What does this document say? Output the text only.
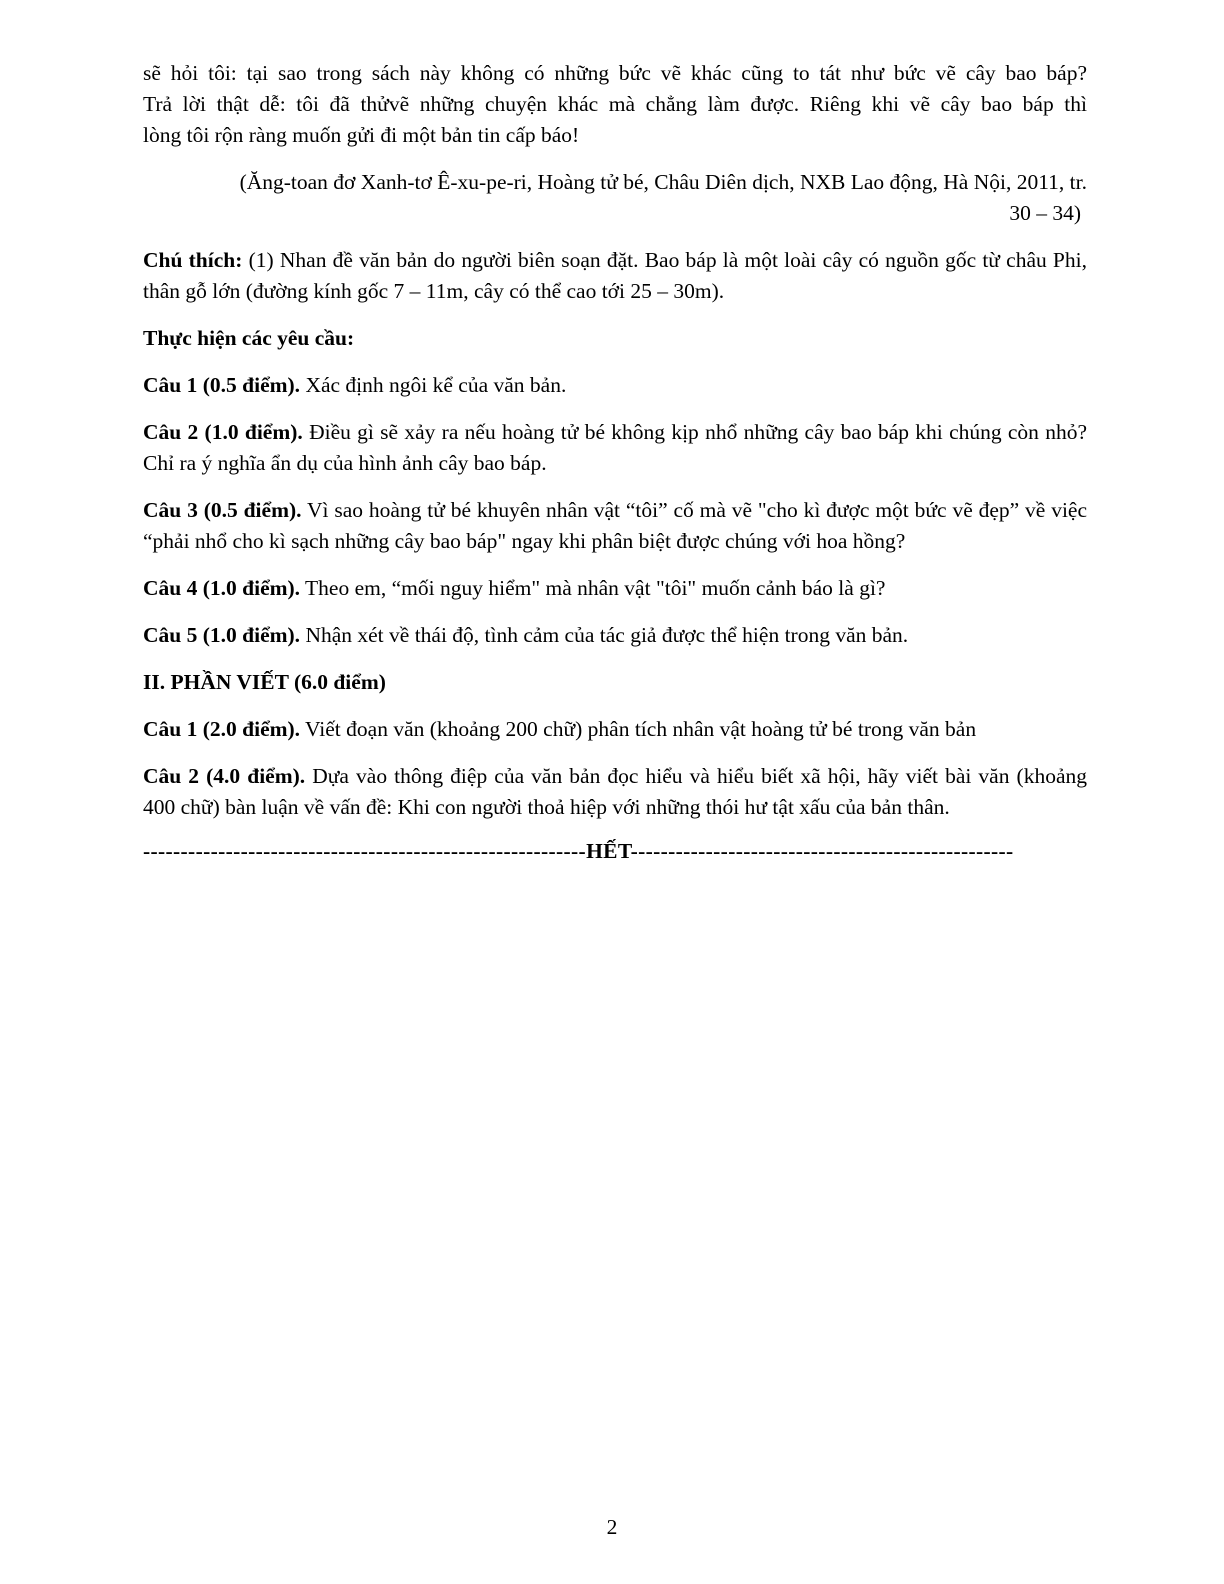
sẽ hỏi tôi: tại sao trong sách này không có những bức vẽ khác cũng to tát như bức vẽ cây bao báp?

Trả lời thật dễ: tôi đã thửvẽ những chuyện khác mà chẳng làm được. Riêng khi vẽ cây bao báp thì

lòng tôi rộn ràng muốn gửi đi một bản tin cấp báo!

(Ăng-toan đơ Xanh-tơ Ê-xu-pe-ri, Hoàng tử bé, Châu Diên dịch, NXB Lao động, Hà Nội, 2011, tr.

30 – 34)

Chú thích: (1) Nhan đề văn bản do người biên soạn đặt. Bao báp là một loài cây có nguồn gốc từ châu Phi, thân gỗ lớn (đường kính gốc 7 – 11m, cây có thể cao tới 25 – 30m).

Thực hiện các yêu cầu:

Câu 1 (0.5 điểm). Xác định ngôi kể của văn bản.

Câu 2 (1.0 điểm). Điều gì sẽ xảy ra nếu hoàng tử bé không kịp nhổ những cây bao báp khi chúng còn nhỏ? Chỉ ra ý nghĩa ẩn dụ của hình ảnh cây bao báp.

Câu 3 (0.5 điểm). Vì sao hoàng tử bé khuyên nhân vật “tôi” cố mà vẽ "cho kì được một bức vẽ đẹp” về việc “phải nhổ cho kì sạch những cây bao báp" ngay khi phân biệt được chúng với hoa hồng?

Câu 4 (1.0 điểm). Theo em, “mối nguy hiểm" mà nhân vật "tôi" muốn cảnh báo là gì?

Câu 5 (1.0 điểm). Nhận xét về thái độ, tình cảm của tác giả được thể hiện trong văn bản.

II. PHẦN VIẾT (6.0 điểm)

Câu 1 (2.0 điểm). Viết đoạn văn (khoảng 200 chữ) phân tích nhân vật hoàng tử bé trong văn bản

Câu 2 (4.0 điểm). Dựa vào thông điệp của văn bản đọc hiểu và hiểu biết xã hội, hãy viết bài văn (khoảng 400 chữ) bàn luận về vấn đề: Khi con người thoả hiệp với những thói hư tật xấu của bản thân.

-----------------------------------------------------------HẾT---------------------------------------------------
2
